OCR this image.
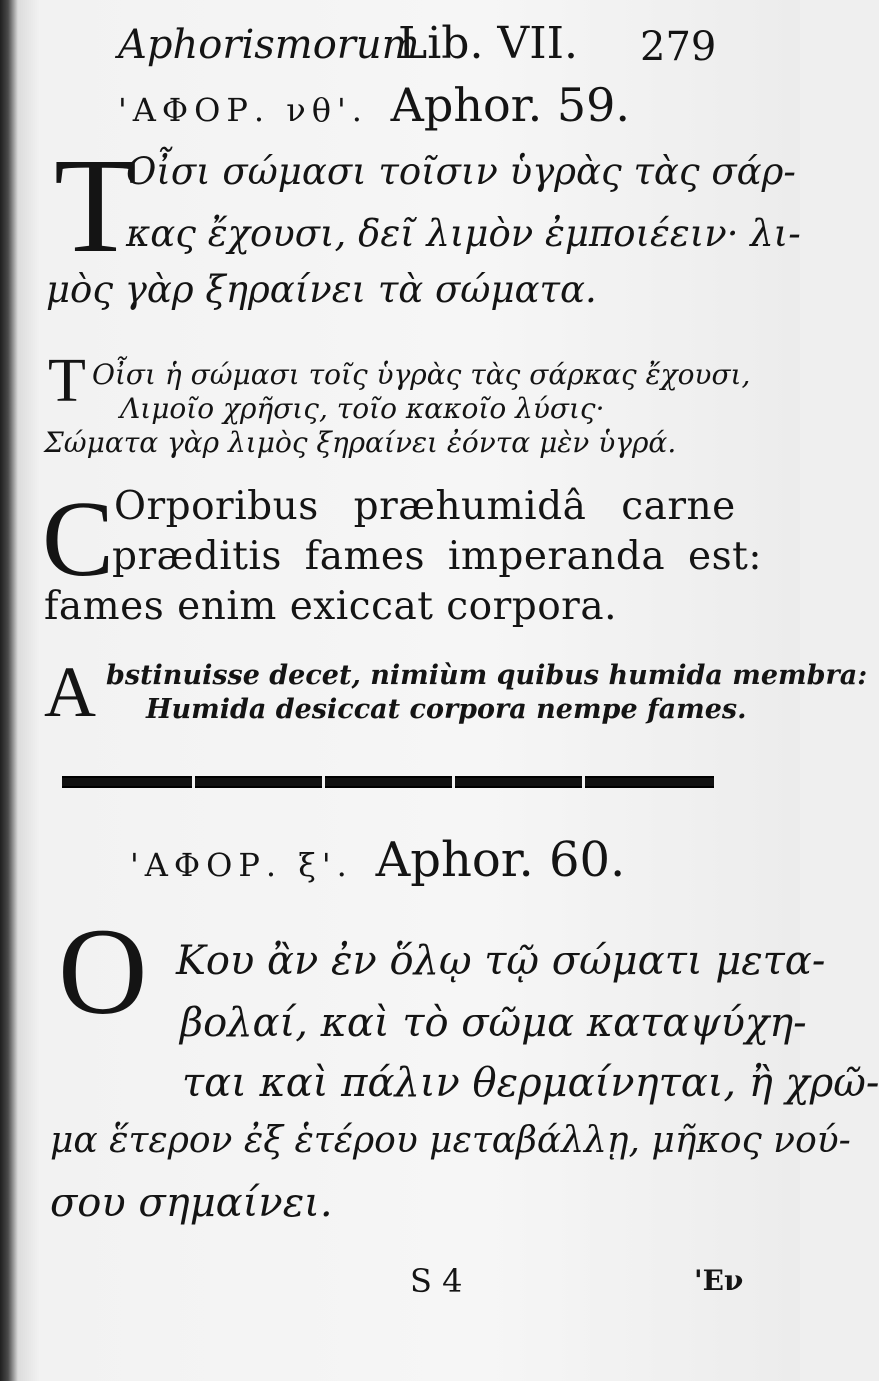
Aphorismorum
Lib. VII. 279
'ΑΦΟΡ. νθ'. Aphor. 59.
T
Οἶσι σώμασι τοῖσιν ὑγρὰς τὰς σάρ-
κας ἔχουσι, δεῖ λιμὸν ἐμποιέειν· λι-
μὸς γὰρ ξηραίνει τὰ σώματα.
T Οἶσι ἡ σώμασι τοῖς ὑγρὰς τὰς σάρκας ἔχουσι,
Λιμοῖο χρῆσις, τοῖο κακοῖο λύσις·
Σώματα γὰρ λιμὸς ξηραίνει ἐόντα μὲν ὑγρά.
C Orporibus præhumidâ carne
præditis fames imperanda est:
fames enim exiccat corpora.
A bstinuisse decet, nimiùm quibus humida membra:
Humida desiccat corpora nempe fames.
'ΑΦΟΡ. ξ'. Aphor. 60.
O Κου ἂν ἐν ὅλῳ τῷ σώματι μετα-
βολαί, καὶ τὸ σῶμα καταψύχη-
ται καὶ πάλιν θερμαίνηται, ἢ χρῶ-
μα ἕτερον ἐξ ἑτέρου μεταβάλλῃ, μῆκος νού-
σου σημαίνει.
S 4	'Εν
